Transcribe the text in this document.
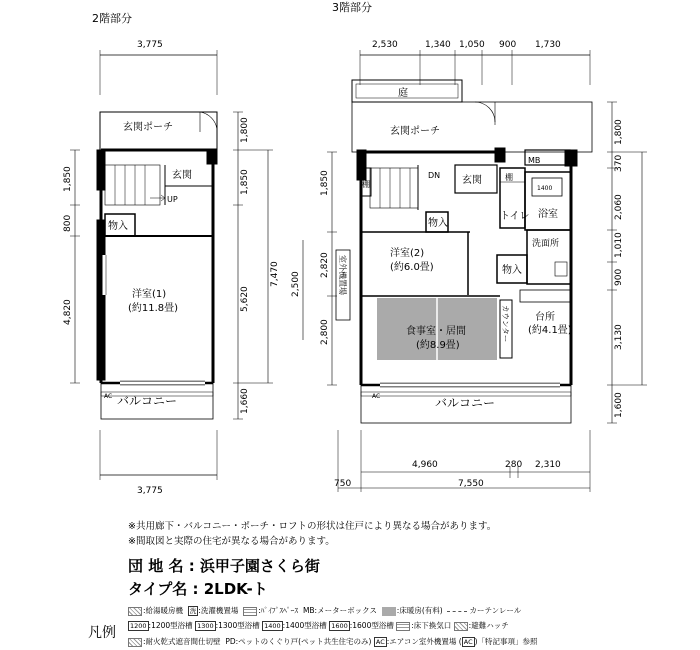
2階部分
3階部分
3,775
3,775
1,850
800
4,820
1,800
1,850
5,620
1,660
7,470
玄関ポーチ
玄関
UP
物入
洋室(1)
(約11.8畳)
バルコニー
AC
2,530	1,340 1,050 900 1,730
1,850
2,820
2,800
2,500
1,800
370
2,060
1,010
900
3,130
1,600
4,960	280 2,310
7,550
750
庭
玄関ポーチ
DN 玄関
MB
棚
棚
トイレ 浴室
1400
物入
物入
洋室(2)
(約6.0畳)
室外機置場
洗面所
食事室・居間
(約8.9畳)
カウンター	台所
(約4.1畳)
バルコニー
AC
※共用廊下・バルコニー・ポーチ・ロフトの形状は住戸により異なる場合があります。
※間取図と実際の住宅が異なる場合があります。
団 地 名 : 浜甲子園さくら街
タイプ名 : 2LDK-ト
凡例
:給湯暖房機 洗 :洗濯機置場	:ﾊﾟｲﾌﾟｽﾍﾟｰｽ MB:メーターボックス	:床暖房(有料)	カーテンレール
1200 :1200型浴槽 1300 :1300型浴槽 1400 :1400型浴槽 1600 :1600型浴槽 :床下換気口 :避難ハッチ
:耐火乾式遮音間仕切壁 PD:ペットのくぐり戸(ペット共生住宅のみ) AC :エアコン室外機置場 ( AC )「特記事項」参照
